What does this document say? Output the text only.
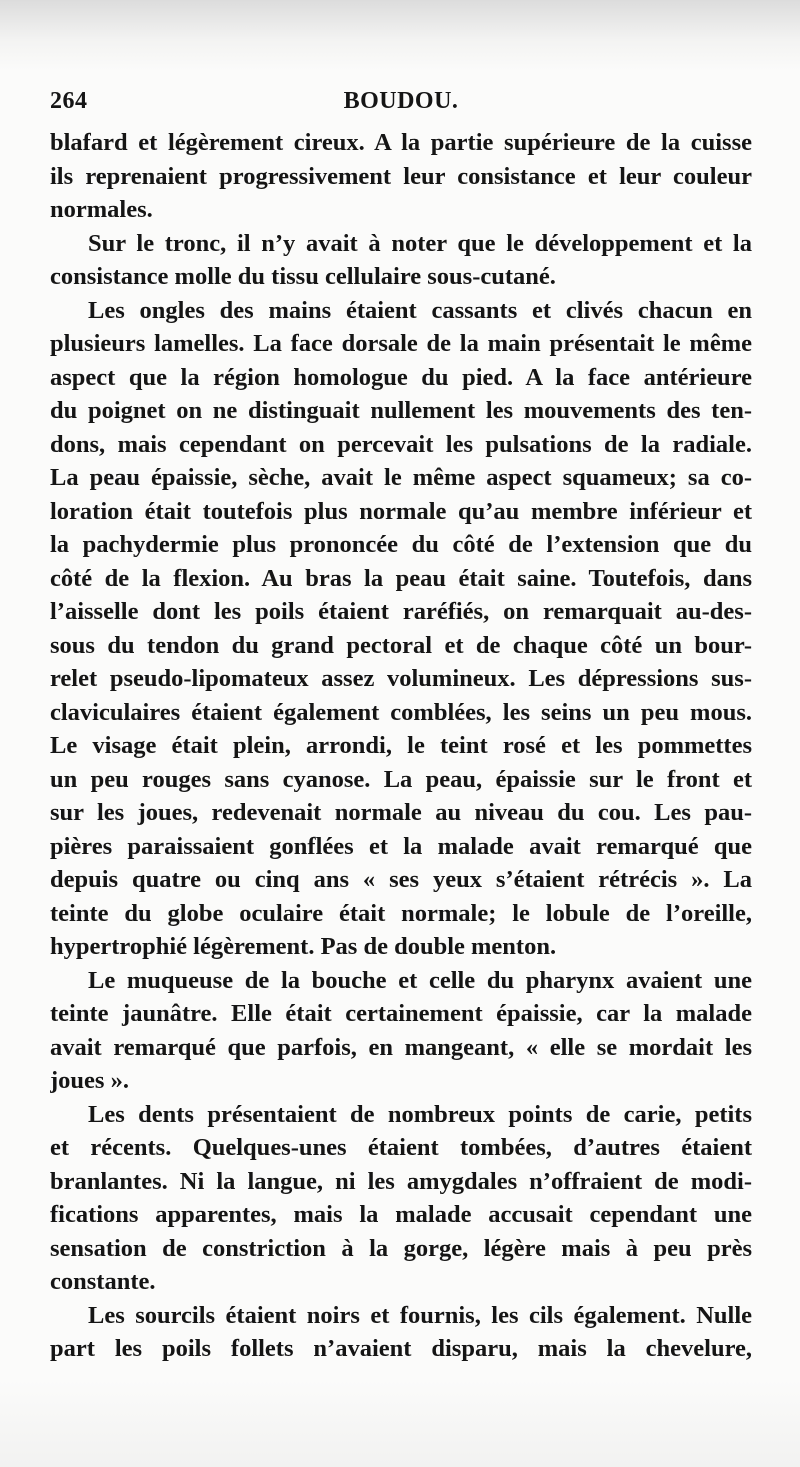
264	BOUDOU.
blafard et légèrement cireux. A la partie supérieure de la cuisse
ils reprenaient progressivement leur consistance et leur couleur
normales.
Sur le tronc, il n’y avait à noter que le développement et la
consistance molle du tissu cellulaire sous-cutané.
Les ongles des mains étaient cassants et clivés chacun en
plusieurs lamelles. La face dorsale de la main présentait le même
aspect que la région homologue du pied. A la face antérieure
du poignet on ne distinguait nullement les mouvements des ten-
dons, mais cependant on percevait les pulsations de la radiale.
La peau épaissie, sèche, avait le même aspect squameux; sa co-
loration était toutefois plus normale qu’au membre inférieur et
la pachydermie plus prononcée du côté de l’extension que du
côté de la flexion. Au bras la peau était saine. Toutefois, dans
l’aisselle dont les poils étaient raréfiés, on remarquait au-des-
sous du tendon du grand pectoral et de chaque côté un bour-
relet pseudo-lipomateux assez volumineux. Les dépressions sus-
claviculaires étaient également comblées, les seins un peu mous.
Le visage était plein, arrondi, le teint rosé et les pommettes
un peu rouges sans cyanose. La peau, épaissie sur le front et
sur les joues, redevenait normale au niveau du cou. Les pau-
pières paraissaient gonflées et la malade avait remarqué que
depuis quatre ou cinq ans « ses yeux s’étaient rétrécis ». La
teinte du globe oculaire était normale; le lobule de l’oreille,
hypertrophié légèrement. Pas de double menton.
Le muqueuse de la bouche et celle du pharynx avaient une
teinte jaunâtre. Elle était certainement épaissie, car la malade
avait remarqué que parfois, en mangeant, « elle se mordait les
joues ».
Les dents présentaient de nombreux points de carie, petits
et récents. Quelques-unes étaient tombées, d’autres étaient
branlantes. Ni la langue, ni les amygdales n’offraient de modi-
fications apparentes, mais la malade accusait cependant une
sensation de constriction à la gorge, légère mais à peu près
constante.
Les sourcils étaient noirs et fournis, les cils également. Nulle
part les poils follets n’avaient disparu, mais la chevelure,
